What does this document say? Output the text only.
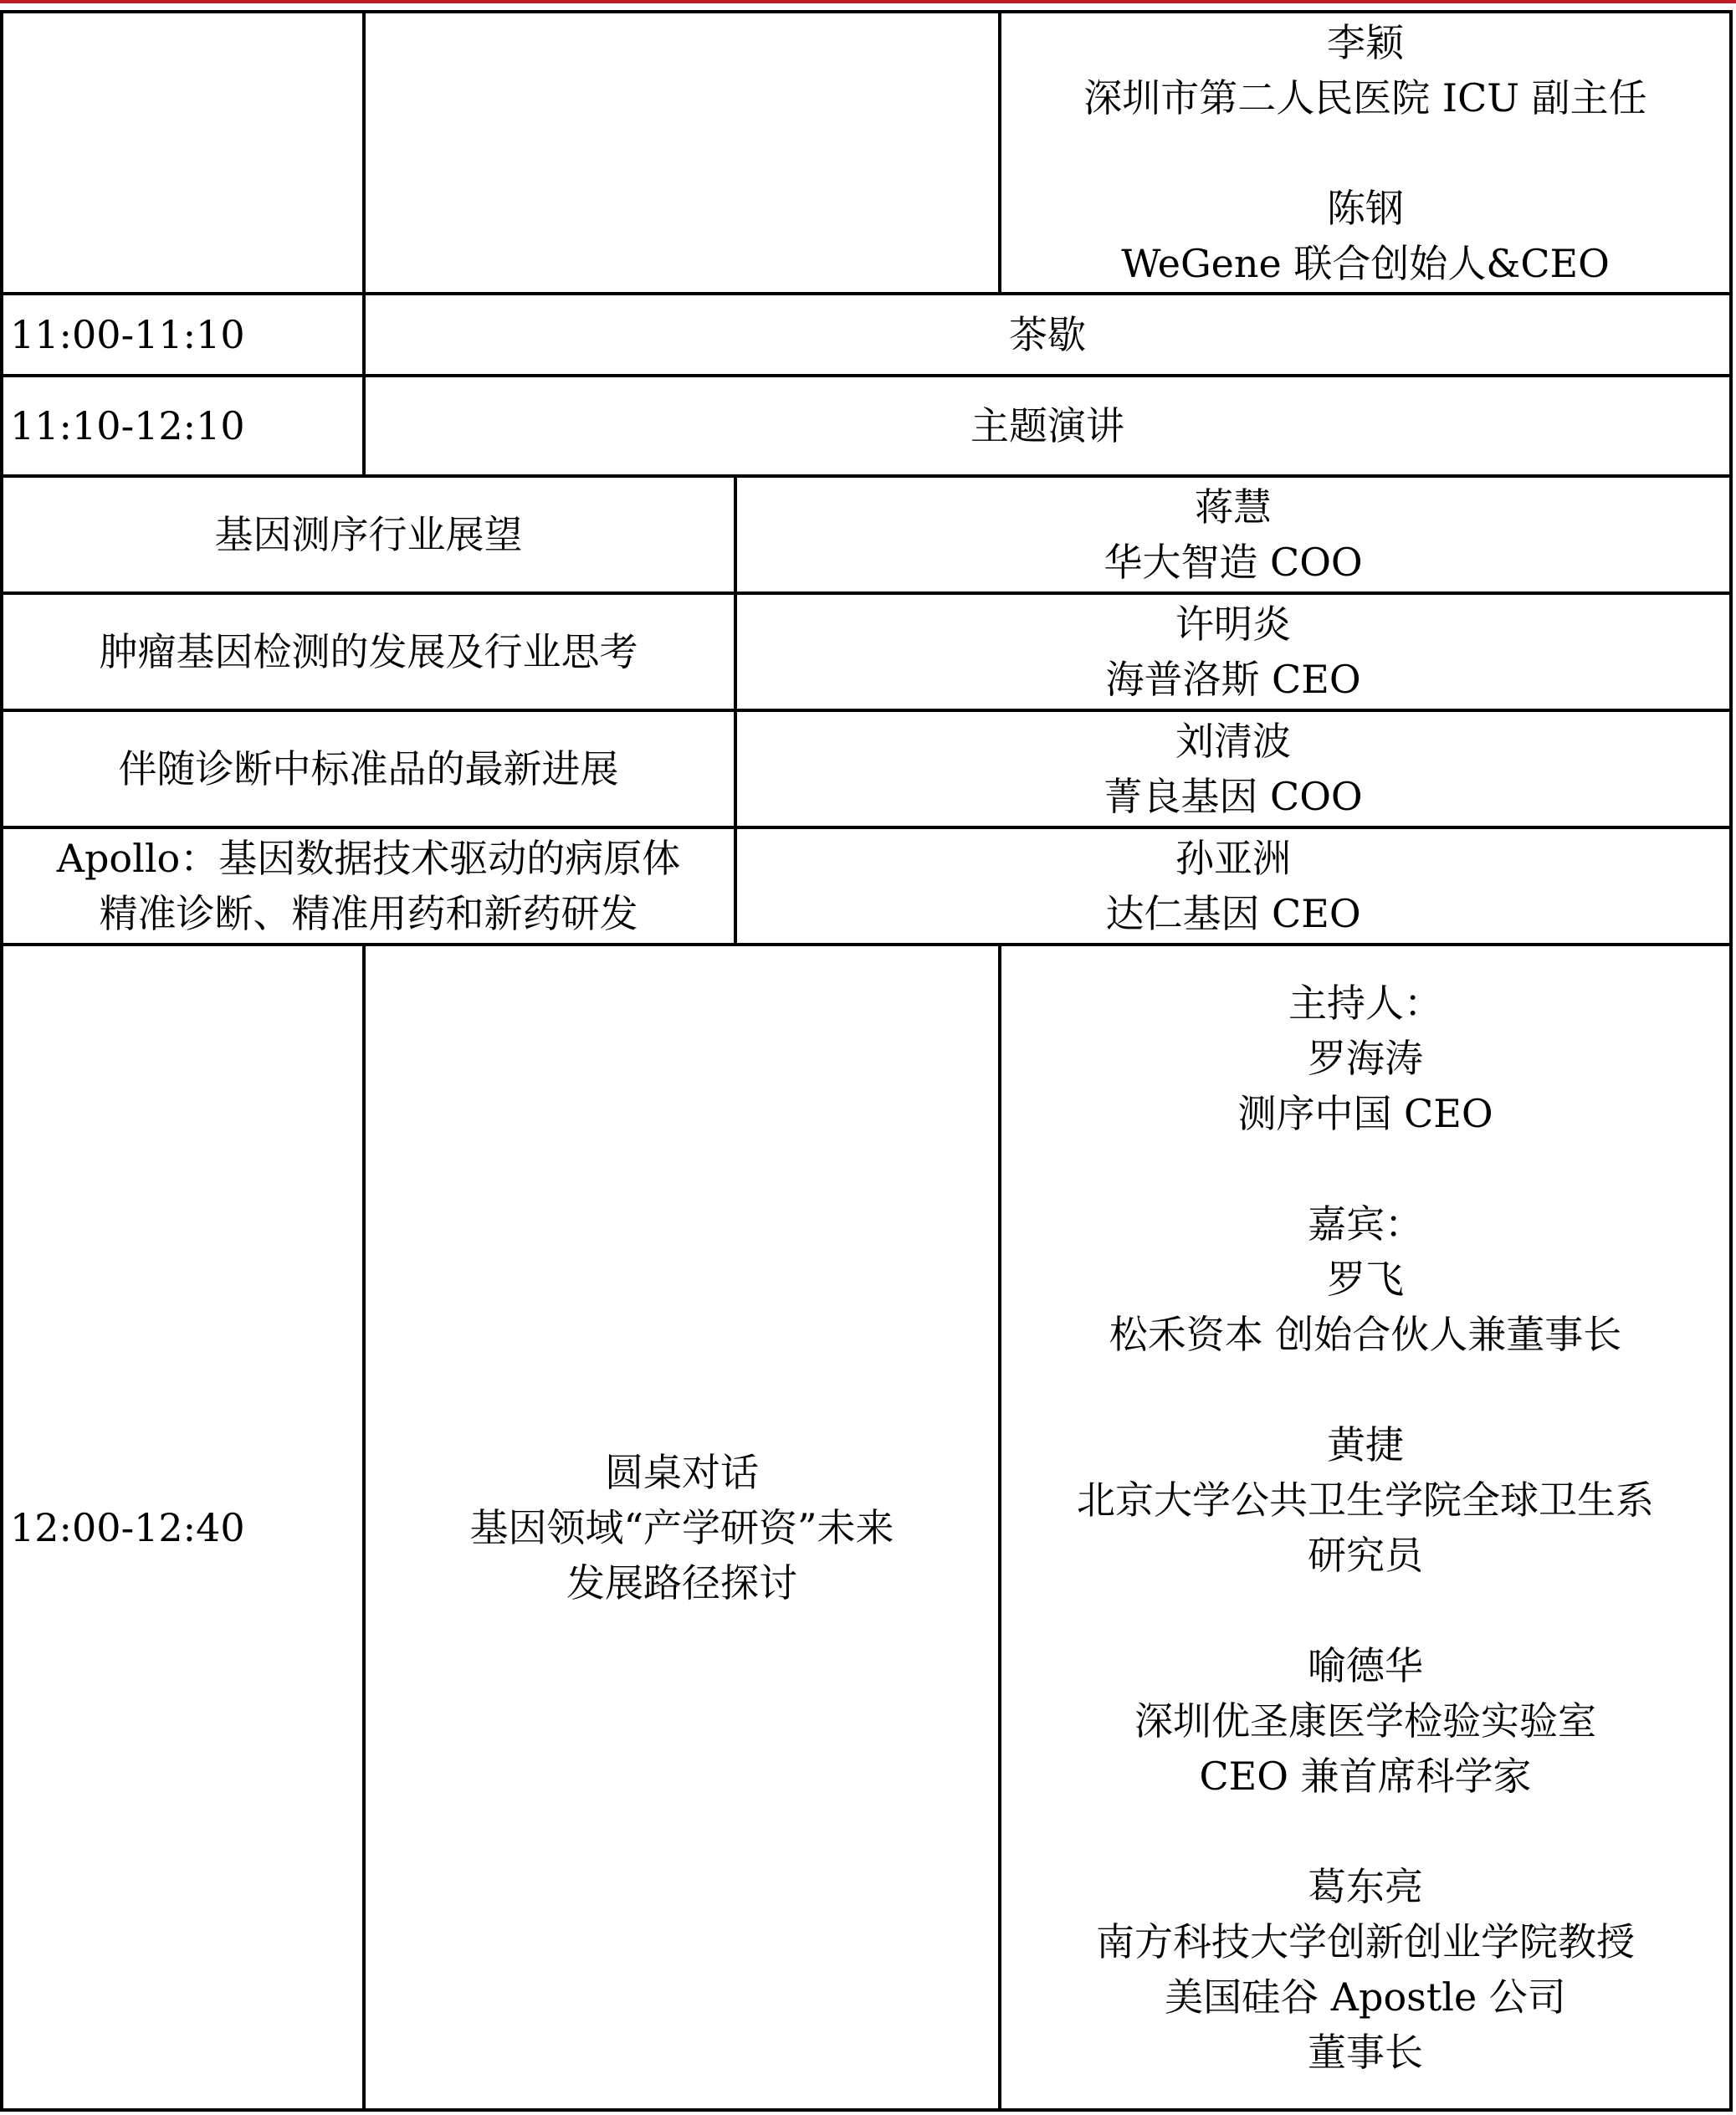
李颖
深圳市第二人民医院 ICU 副主任
陈钢
WeGene 联合创始人&CEO
11:00-11:10	茶歇
11:10-12:10	主题演讲
基因测序行业展望
蒋慧
华大智造 COO
肿瘤基因检测的发展及行业思考
许明炎
海普洛斯 CEO
伴随诊断中标准品的最新进展
刘清波
菁良基因 COO
Apollo：基因数据技术驱动的病原体
精准诊断、精准用药和新药研发
孙亚洲
达仁基因 CEO
12:00-12:40
圆桌对话
基因领域“产学研资”未来
发展路径探讨
主持人：
罗海涛
测序中国 CEO
嘉宾：
罗飞
松禾资本 创始合伙人兼董事长
黄捷
北京大学公共卫生学院全球卫生系
研究员
喻德华
深圳优圣康医学检验实验室
CEO 兼首席科学家
葛东亮
南方科技大学创新创业学院教授
美国硅谷 Apostle 公司
董事长
